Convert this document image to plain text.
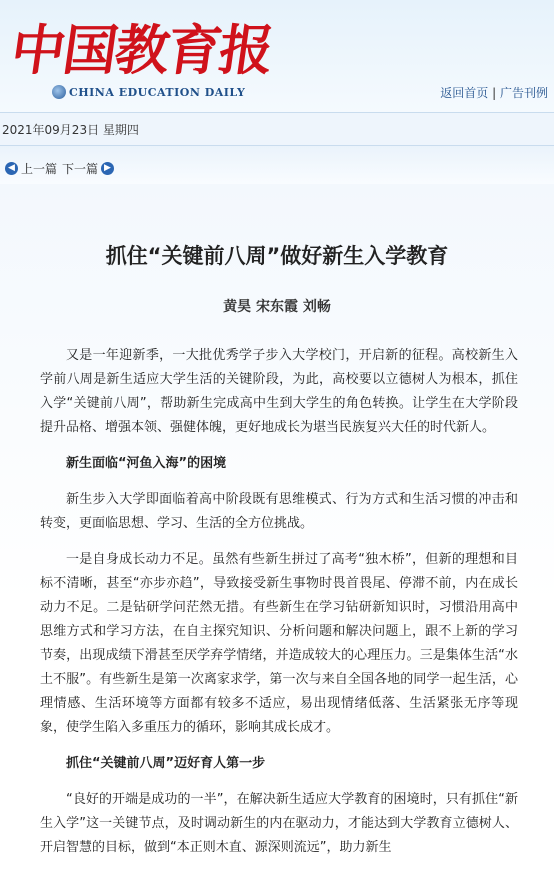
中国教育报
CHINA EDUCATION DAILY	返回首页 | 广告刊例
2021年09月23日 星期四
◀ 上一篇 下一篇 ▶
抓住“关键前八周”做好新生入学教育
黄昊 宋东霞 刘畅

又是一年迎新季，一大批优秀学子步入大学校门，开启新的征程。高校新生入学前八周是新生适应大学生活的关键阶段，为此，高校要以立德树人为根本，抓住入学“关键前八周”，帮助新生完成高中生到大学生的角色转换。让学生在大学阶段提升品格、增强本领、强健体魄，更好地成长为堪当民族复兴大任的时代新人。

新生面临“河鱼入海”的困境

新生步入大学即面临着高中阶段既有思维模式、行为方式和生活习惯的冲击和转变，更面临思想、学习、生活的全方位挑战。

一是自身成长动力不足。虽然有些新生拼过了高考“独木桥”，但新的理想和目标不清晰，甚至“亦步亦趋”，导致接受新生事物时畏首畏尾、停滞不前，内在成长动力不足。二是钻研学问茫然无措。有些新生在学习钻研新知识时，习惯沿用高中思维方式和学习方法，在自主探究知识、分析问题和解决问题上，跟不上新的学习节奏，出现成绩下滑甚至厌学弃学情绪，并造成较大的心理压力。三是集体生活“水土不服”。有些新生是第一次离家求学，第一次与来自全国各地的同学一起生活，心理情感、生活环境等方面都有较多不适应，易出现情绪低落、生活紧张无序等现象，使学生陷入多重压力的循环，影响其成长成才。

抓住“关键前八周”迈好育人第一步

“良好的开端是成功的一半”，在解决新生适应大学教育的困境时，只有抓住“新生入学”这一关键节点，及时调动新生的内在驱动力，才能达到大学教育立德树人、开启智慧的目标，做到“本正则木直、源深则流远”，助力新生
